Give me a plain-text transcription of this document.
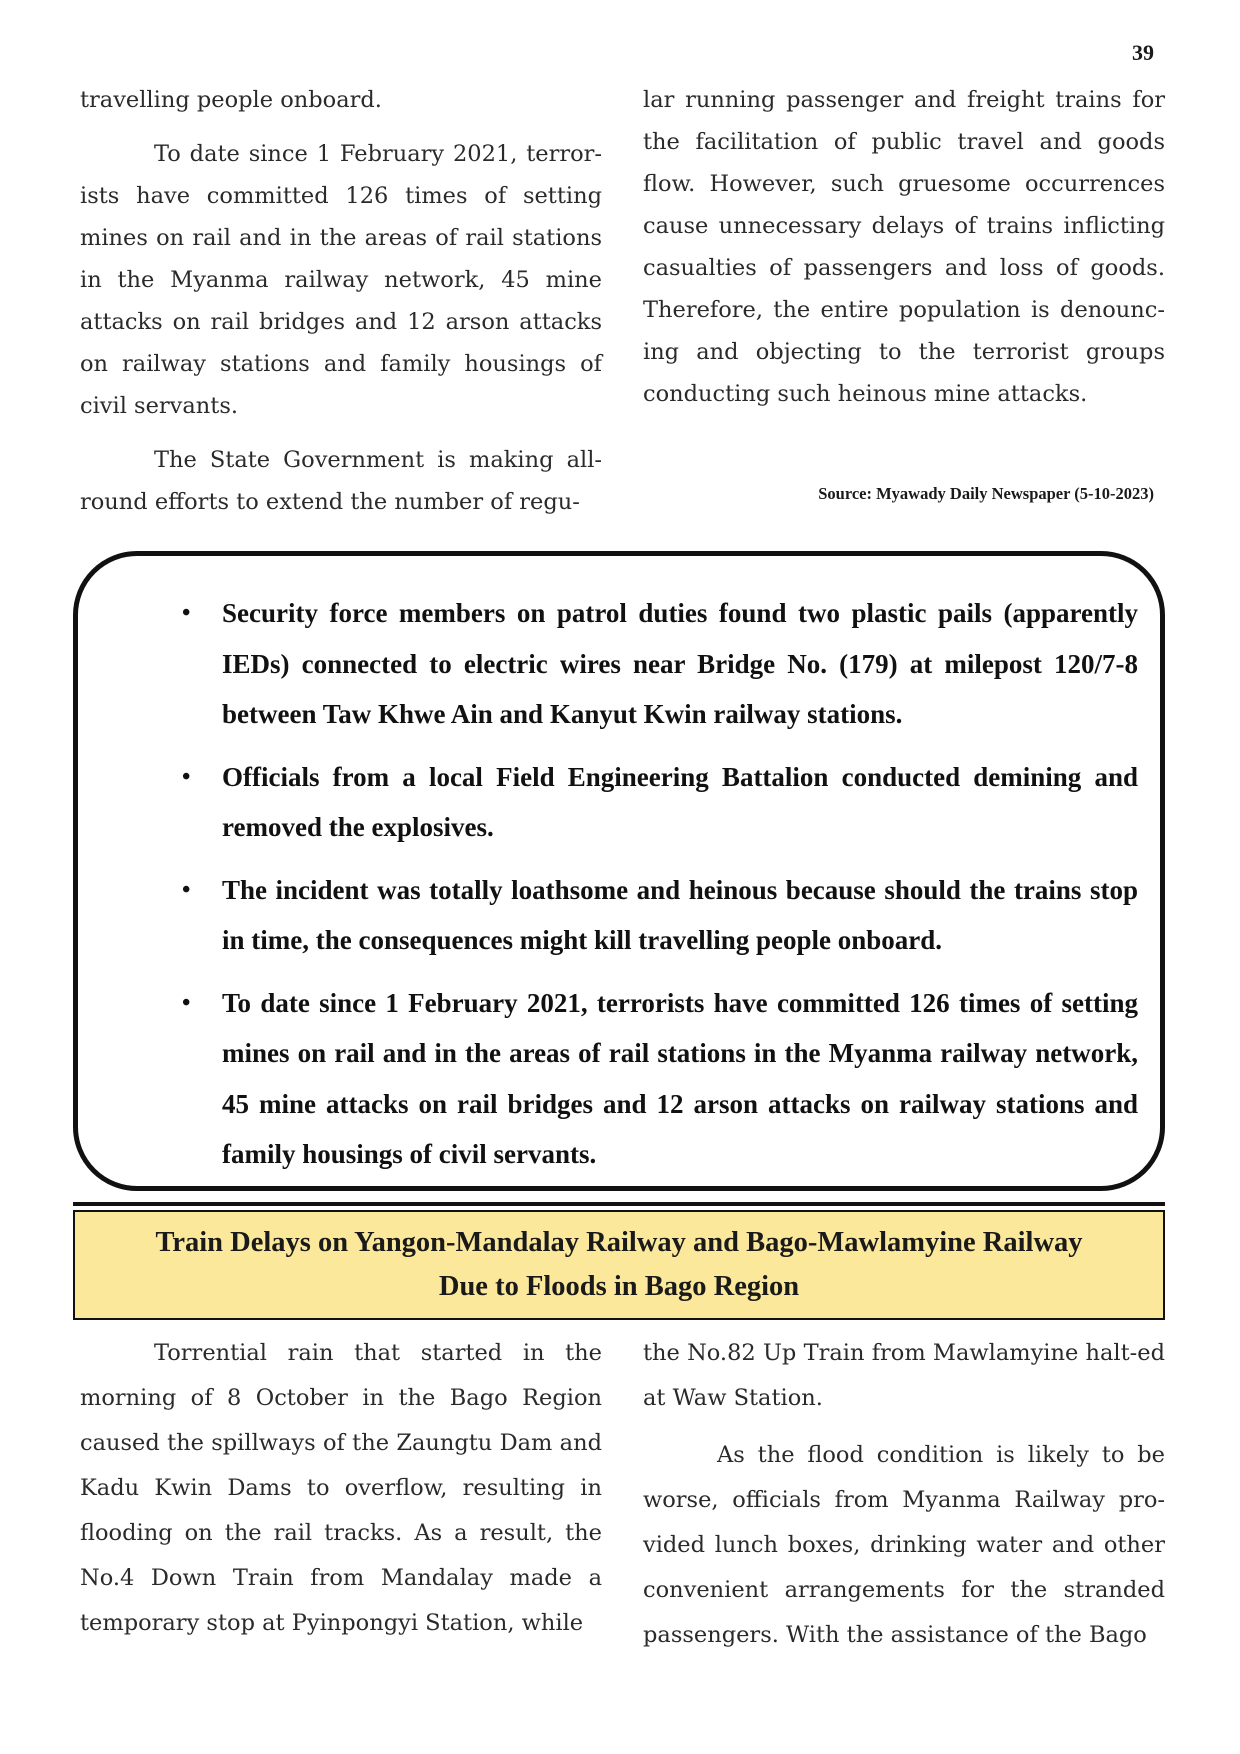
39

travelling people onboard.

To date since 1 February 2021, terror-ists have committed 126 times of setting mines on rail and in the areas of rail stations in the Myanma railway network, 45 mine attacks on rail bridges and 12 arson attacks on railway stations and family housings of civil servants.

The State Government is making all-round efforts to extend the number of regu-

lar running passenger and freight trains for the facilitation of public travel and goods flow. However, such gruesome occurrences cause unnecessary delays of trains inflicting casualties of passengers and loss of goods. Therefore, the entire population is denounc-ing and objecting to the terrorist groups conducting such heinous mine attacks.

Source: Myawady Daily Newspaper (5-10-2023)
• Security force members on patrol duties found two plastic pails (apparently IEDs) connected to electric wires near Bridge No. (179) at milepost 120/7-8 between Taw Khwe Ain and Kanyut Kwin railway stations.
• Officials from a local Field Engineering Battalion conducted demining and removed the explosives.
• The incident was totally loathsome and heinous because should the trains stop in time, the consequences might kill travelling people onboard.
• To date since 1 February 2021, terrorists have committed 126 times of setting mines on rail and in the areas of rail stations in the Myanma railway network, 45 mine attacks on rail bridges and 12 arson attacks on railway stations and family housings of civil servants.
Train Delays on Yangon-Mandalay Railway and Bago-Mawlamyine Railway
Due to Floods in Bago Region

Torrential rain that started in the morning of 8 October in the Bago Region caused the spillways of the Zaungtu Dam and Kadu Kwin Dams to overflow, resulting in flooding on the rail tracks. As a result, the No.4 Down Train from Mandalay made a temporary stop at Pyinpongyi Station, while

the No.82 Up Train from Mawlamyine halt-ed at Waw Station.

As the flood condition is likely to be worse, officials from Myanma Railway pro-vided lunch boxes, drinking water and other convenient arrangements for the stranded passengers. With the assistance of the Bago
